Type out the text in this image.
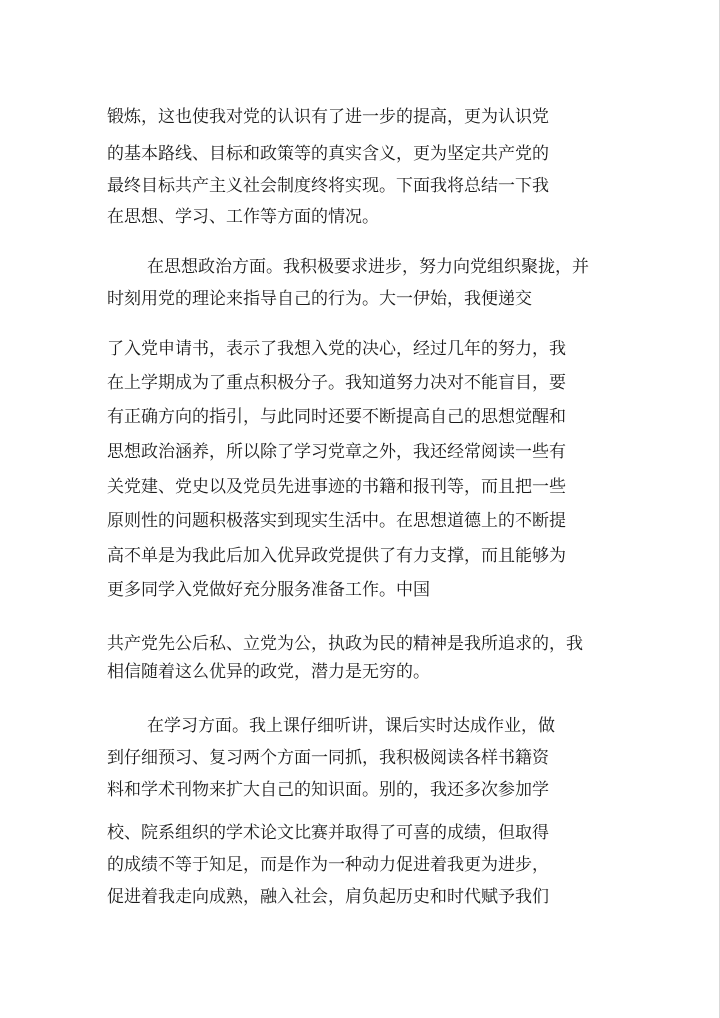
锻炼，这也使我对党的认识有了进一步的提高，更为认识党

的基本路线、目标和政策等的真实含义，更为坚定共产党的

最终目标共产主义社会制度终将实现。下面我将总结一下我

在思想、学习、工作等方面的情况。

在思想政治方面。我积极要求进步，努力向党组织聚拢，并

时刻用党的理论来指导自己的行为。大一伊始，我便递交

了入党申请书，表示了我想入党的决心，经过几年的努力，我

在上学期成为了重点积极分子。我知道努力决对不能盲目，要

有正确方向的指引，与此同时还要不断提高自己的思想觉醒和

思想政治涵养，所以除了学习党章之外，我还经常阅读一些有

关党建、党史以及党员先进事迹的书籍和报刊等，而且把一些

原则性的问题积极落实到现实生活中。在思想道德上的不断提

高不单是为我此后加入优异政党提供了有力支撑，而且能够为

更多同学入党做好充分服务准备工作。中国

共产党先公后私、立党为公，执政为民的精神是我所追求的，我

相信随着这么优异的政党，潜力是无穷的。

在学习方面。我上课仔细听讲，课后实时达成作业，做

到仔细预习、复习两个方面一同抓，我积极阅读各样书籍资

料和学术刊物来扩大自己的知识面。别的，我还多次参加学

校、院系组织的学术论文比赛并取得了可喜的成绩，但取得

的成绩不等于知足，而是作为一种动力促进着我更为进步，

促进着我走向成熟，融入社会，肩负起历史和时代赋予我们
